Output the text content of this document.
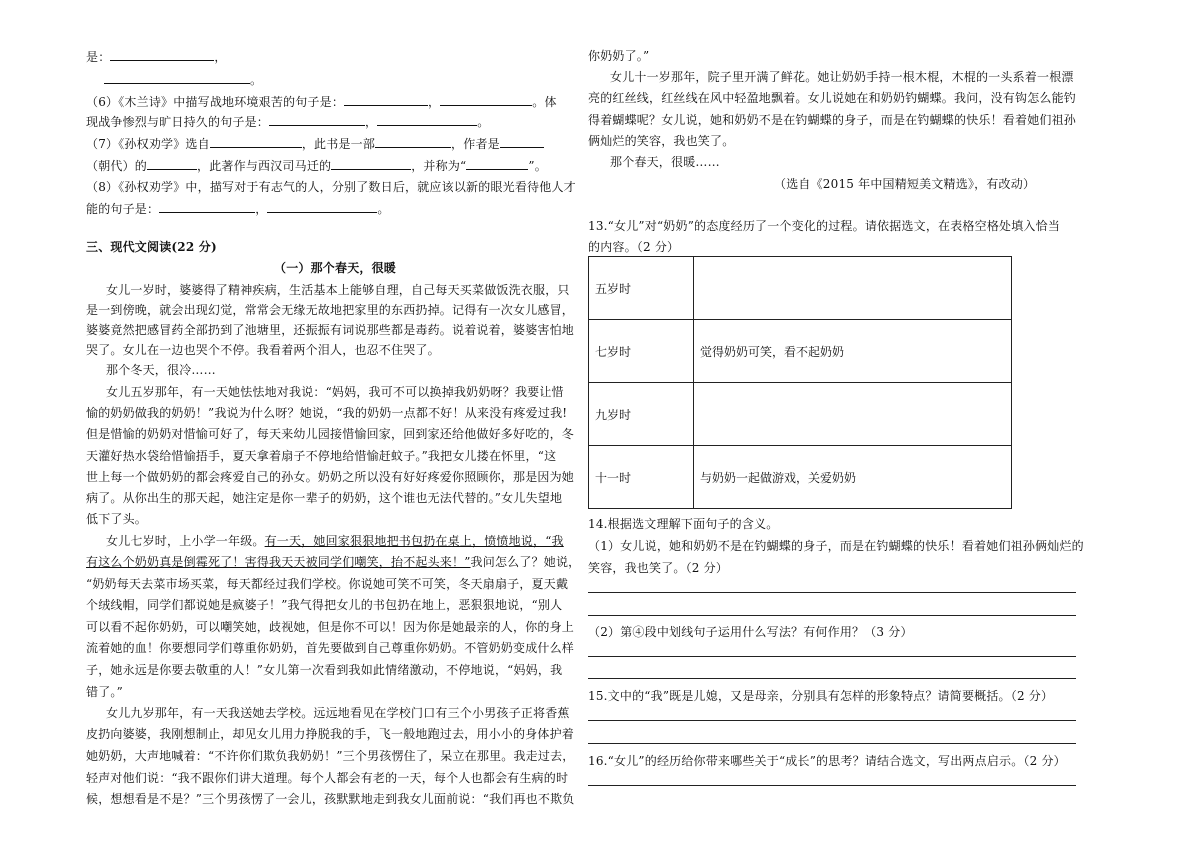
是：	，
。
（6）《木兰诗》中描写战地环境艰苦的句子是：	，	。体
现战争惨烈与旷日持久的句子是：	，	。
（7）《孙权劝学》选自	，此书是一部	，作者是
（朝代）的	，此著作与西汉司马迁的	，并称为“	”。
（8）《孙权劝学》中，描写对于有志气的人，分别了数日后，就应该以新的眼光看待他人才
能的句子是：	，	。
三、现代文阅读(22 分)
（一）那个春天，很暖
女儿一岁时，婆婆得了精神疾病，生活基本上能够自理，自己每天买菜做饭洗衣服，只
是一到傍晚，就会出现幻觉，常常会无缘无故地把家里的东西扔掉。记得有一次女儿感冒，
婆婆竟然把感冒药全部扔到了池塘里，还振振有词说那些都是毒药。说着说着，婆婆害怕地
哭了。女儿在一边也哭个不停。我看着两个泪人，也忍不住哭了。
那个冬天，很冷……
女儿五岁那年，有一天她怯怯地对我说：“妈妈，我可不可以换掉我奶奶呀？我要让惜
愉的奶奶做我的奶奶！”我说为什么呀？她说，“我的奶奶一点都不好！从来没有疼爱过我!
但是惜愉的奶奶对惜愉可好了，每天来幼儿园接惜愉回家，回到家还给他做好多好吃的，冬
天灌好热水袋给惜愉捂手，夏天拿着扇子不停地给惜愉赶蚊子。”我把女儿搂在怀里，“这
世上每一个做奶奶的都会疼爱自己的孙女。奶奶之所以没有好好疼爱你照顾你，那是因为她
病了。从你出生的那天起，她注定是你一辈子的奶奶，这个谁也无法代替的。”女儿失望地
低下了头。
女儿七岁时，上小学一年级。有一天，她回家狠狠地把书包扔在桌上，愤愤地说，“我
有这么个奶奶真是倒霉死了！害得我天天被同学们嘲笑，抬不起头来！”我问怎么了？她说，
“奶奶每天去菜市场买菜，每天都经过我们学校。你说她可笑不可笑，冬天扇扇子，夏天戴
个绒线帽，同学们都说她是疯婆子！”我气得把女儿的书包扔在地上，恶狠狠地说，“别人
可以看不起你奶奶，可以嘲笑她，歧视她，但是你不可以！因为你是她最亲的人，你的身上
流着她的血！你要想同学们尊重你奶奶，首先要做到自己尊重你奶奶。不管奶奶变成什么样
子，她永远是你要去敬重的人！”女儿第一次看到我如此情绪激动，不停地说，“妈妈，我
错了。”
女儿九岁那年，有一天我送她去学校。远远地看见在学校门口有三个小男孩子正将香蕉
皮扔向婆婆，我刚想制止，却见女儿用力挣脱我的手，飞一般地跑过去，用小小的身体护着
她奶奶，大声地喊着：“不许你们欺负我奶奶！”三个男孩愣住了，呆立在那里。我走过去，
轻声对他们说：“我不跟你们讲大道理。每个人都会有老的一天，每个人也都会有生病的时
候，想想看是不是？”三个男孩愣了一会儿，孩默默地走到我女儿面前说：“我们再也不欺负
你奶奶了。”
女儿十一岁那年，院子里开满了鲜花。她让奶奶手持一根木棍，木棍的一头系着一根漂
亮的红丝线，红丝线在风中轻盈地飘着。女儿说她在和奶奶钓蝴蝶。我问，没有钩怎么能钓
得着蝴蝶呢？女儿说，她和奶奶不是在钓蝴蝶的身子，而是在钓蝴蝶的快乐！看着她们祖孙
俩灿烂的笑容，我也笑了。
那个春天，很暖……
（选自《2015 年中国精短美文精选》，有改动）
13.“女儿”对“奶奶”的态度经历了一个变化的过程。请依据选文，在表格空格处填入恰当
的内容。（2 分）
五岁时	
七岁时	觉得奶奶可笑，看不起奶奶
九岁时	
十一时	与奶奶一起做游戏，关爱奶奶
14.根据选文理解下面句子的含义。
（1）女儿说，她和奶奶不是在钓蝴蝶的身子，而是在钓蝴蝶的快乐！看着她们祖孙俩灿烂的
笑容，我也笑了。（2 分）
（2）第④段中划线句子运用什么写法？有何作用？（3 分）
15.文中的“我”既是儿媳，又是母亲，分别具有怎样的形象特点？请简要概括。（2 分）
16.“女儿”的经历给你带来哪些关于“成长”的思考？请结合选文，写出两点启示。（2 分）
